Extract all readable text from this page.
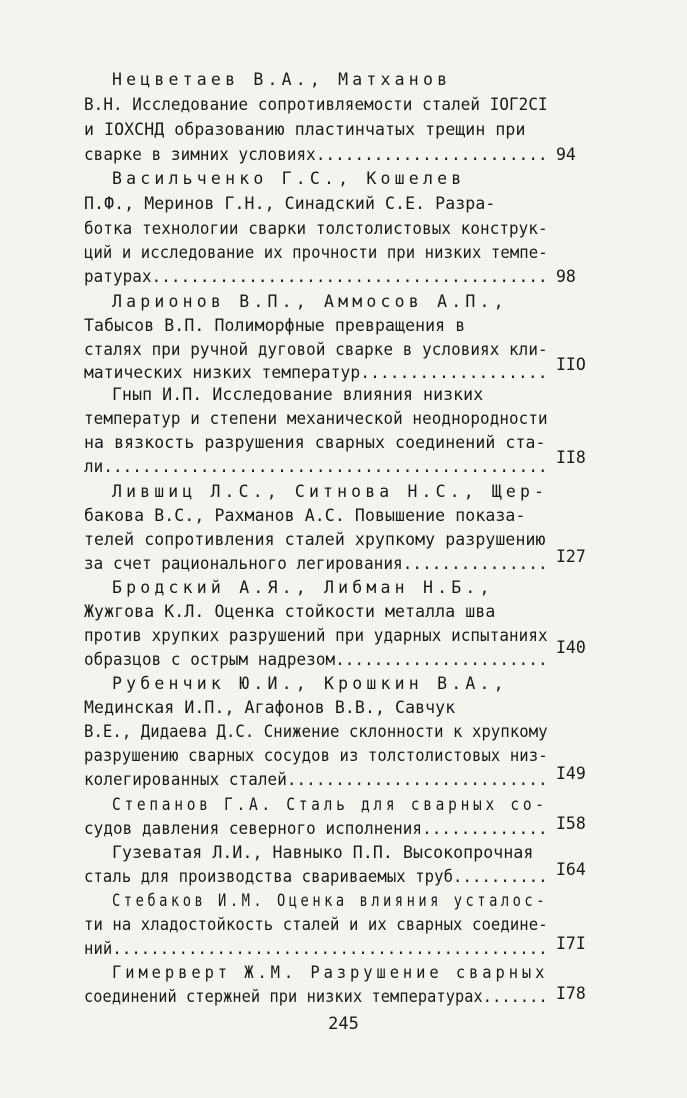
Нецветаев В.А., Матханов
В.Н. Исследование сопротивляемости сталей IОГ2СI
и IОХСНД образованию пластинчатых трещин при
сварке в зимних условиях........................ 94
Васильченко Г.С., Кошелев
П.Ф., Меринов Г.Н., Синадский С.Е. Разра-
ботка технологии сварки толстолистовых конструк-
ций и исследование их прочности при низких темпе-
ратурах......................................... 98
Ларионов В.П., Аммосов А.П.,
Табысов В.П. Полиморфные превращения в
сталях при ручной дуговой сварке в условиях кли-
матических низких температур................... IIO
Гнып И.П. Исследование влияния низких
температур и степени механической неоднородности
на вязкость разрушения сварных соединений ста-
ли.............................................. II8
Лившиц Л.С., Ситнова Н.С., Щер-
бакова В.С., Рахманов А.С. Повышение показа-
телей сопротивления сталей хрупкому разрушению
за счет рационального легирования............... I27
Бродский А.Я., Либман Н.Б.,
Жужгова К.Л. Оценка стойкости металла шва
против хрупких разрушений при ударных испытаниях
образцов с острым надрезом......................
I40
Рубенчик Ю.И., Крошкин В.А.,
Мединская И.П., Агафонов В.В., Савчук
В.Е., Дидаева Д.С. Снижение склонности к хрупкому
разрушению сварных сосудов из толстолистовых низ-
колегированных сталей........................... I49
Степанов Г.А. Сталь для сварных со-
судов давления северного исполнения............. I58
Гузеватая Л.И., Навныко П.П. Высокопрочная
сталь для производства свариваемых труб.......... I64
Стебаков И.М. Оценка влияния усталос-
ти на хладостойкость сталей и их сварных соедине-
ний.............................................. I7I
Гимерверт Ж.М. Разрушение сварных
соединений стержней при низких температурах....... I78
245
